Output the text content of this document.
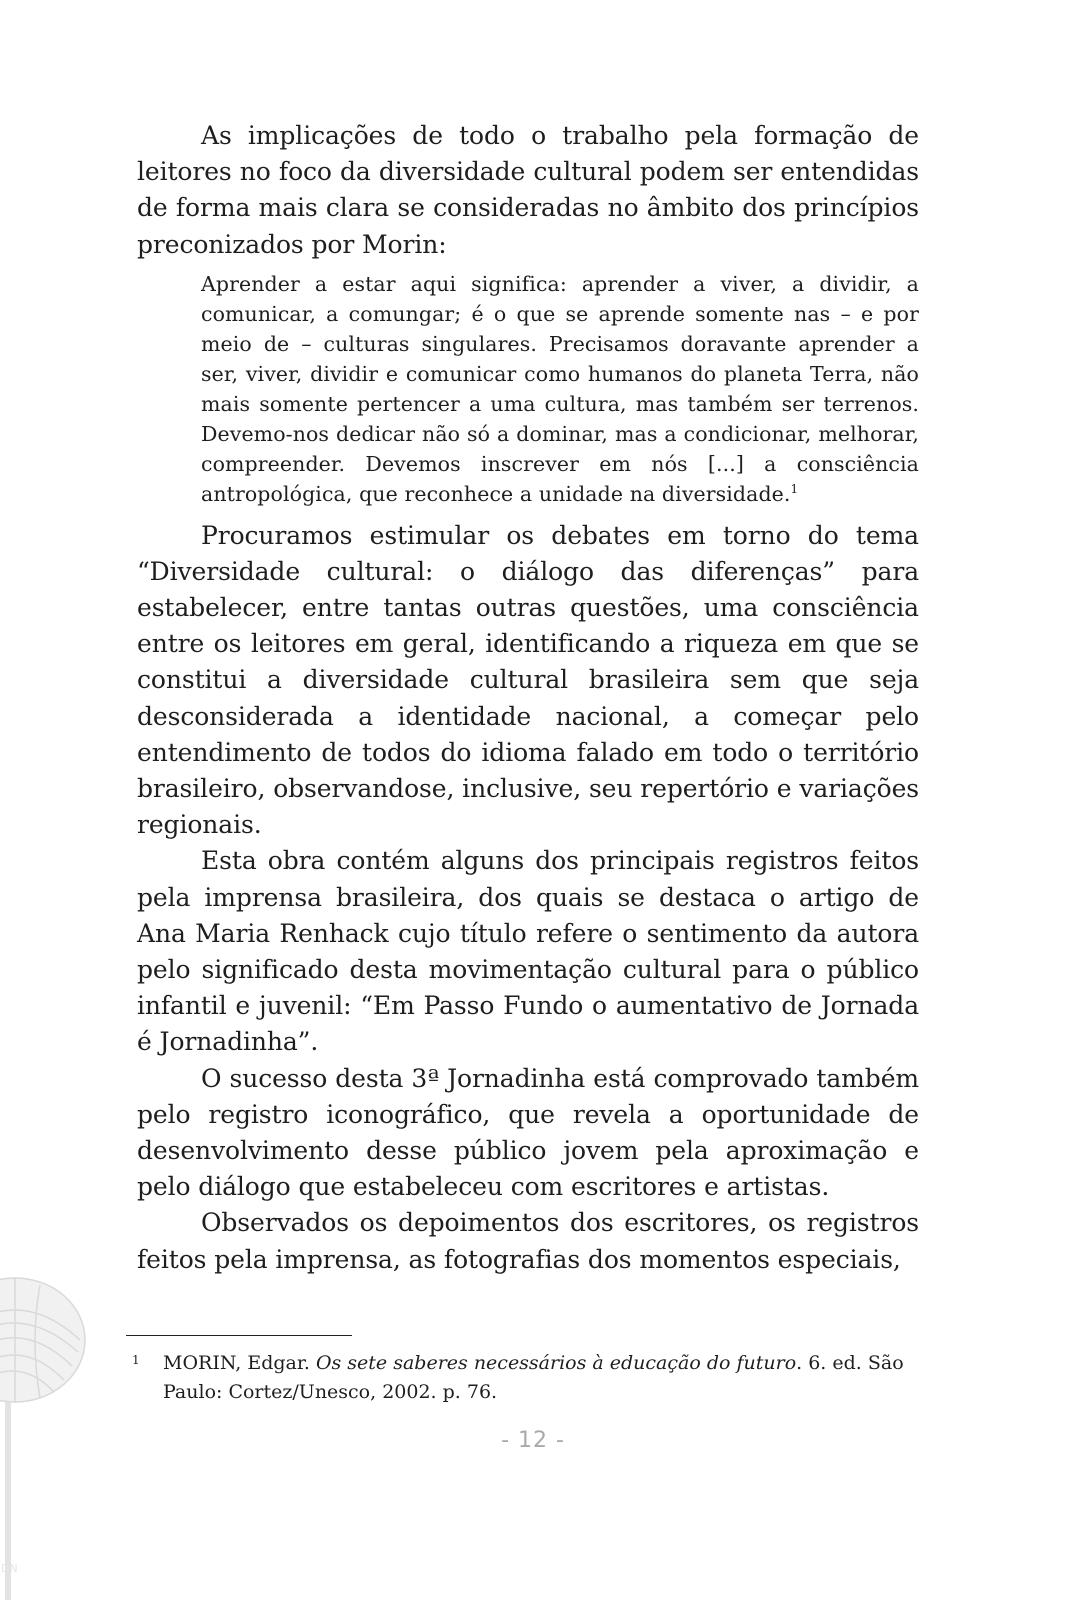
As implicações de todo o trabalho pela formação de leitores no foco da diversidade cultural podem ser entendidas de forma mais clara se consideradas no âmbito dos princípios preconizados por Morin:

Aprender a estar aqui significa: aprender a viver, a dividir, a comunicar, a comungar; é o que se aprende somente nas – e por meio de – culturas singulares. Precisamos doravante aprender a ser, viver, dividir e comunicar como humanos do planeta Terra, não mais somente pertencer a uma cultura, mas também ser terrenos. Devemo-nos dedicar não só a dominar, mas a condicionar, melhorar, compreender. Devemos inscrever em nós [...] a consciência antropológica, que reconhece a unidade na diversidade.$^1$

Procuramos estimular os debates em torno do tema “Diversidade cultural: o diálogo das diferenças” para estabelecer, entre tantas outras questões, uma consciência entre os leitores em geral, identificando a riqueza em que se constitui a diversidade cultural brasileira sem que seja desconsiderada a identidade nacional, a começar pelo entendimento de todos do idioma falado em todo o território brasileiro, observandose, inclusive, seu repertório e variações regionais.

Esta obra contém alguns dos principais registros feitos pela imprensa brasileira, dos quais se destaca o artigo de Ana Maria Renhack cujo título refere o sentimento da autora pelo significado desta movimentação cultural para o público infantil e juvenil: “Em Passo Fundo o aumentativo de Jornada é Jornadinha”.

O sucesso desta 3ª Jornadinha está comprovado também pelo registro iconográfico, que revela a oportunidade de desenvolvimento desse público jovem pela aproximação e pelo diálogo que estabeleceu com escritores e artistas.

Observados os depoimentos dos escritores, os registros feitos pela imprensa, as fotografias dos momentos especiais,

1 MORIN, Edgar. Os sete saberes necessários à educação do futuro. 6. ed. São Paulo: Cortez/Unesco, 2002. p. 76.
- 12 -
DN
